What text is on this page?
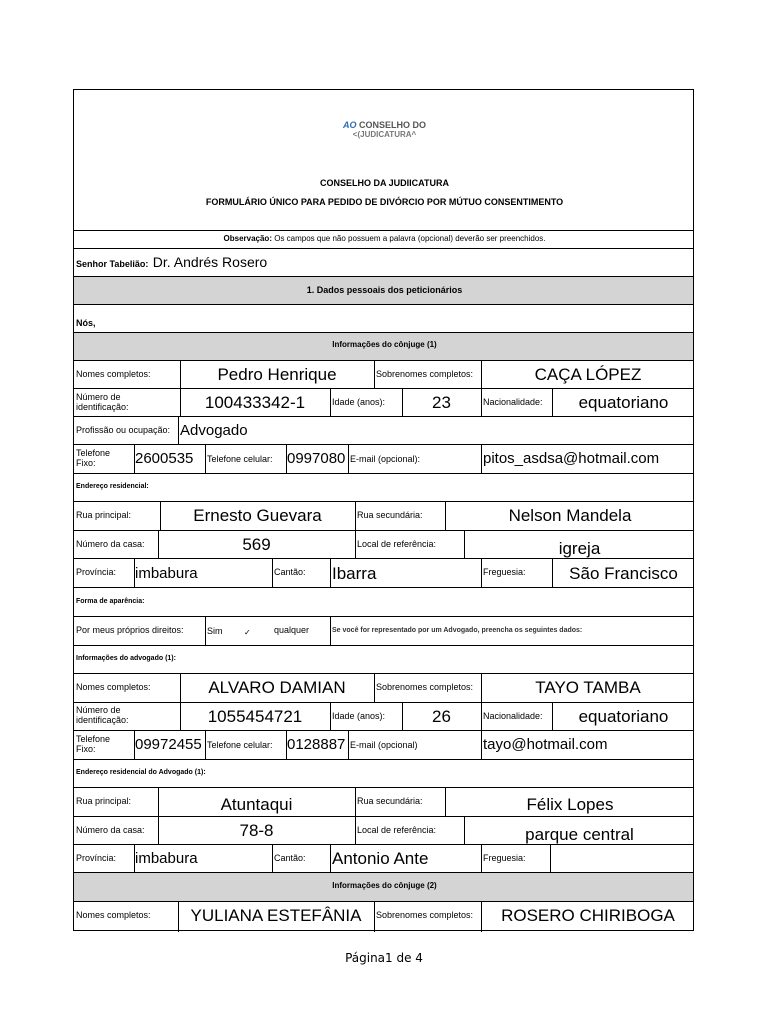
AO CONSELHO DO
<(JUDICATURA^
CONSELHO DA JUDIICATURA
FORMULÁRIO ÚNICO PARA PEDIDO DE DIVÓRCIO POR MÚTUO CONSENTIMENTO
Observação: Os campos que não possuem a palavra (opcional) deverão ser preenchidos.
Senhor Tabelião: Dr. Andrés Rosero
1. Dados pessoais dos peticionários
Nós,
Informações do cônjuge (1)
Nomes completos:	Pedro Henrique	Sobrenomes completos:	CAÇA LÓPEZ
Número de
identificação:	100433342-1	Idade (anos):	23	Nacionalidade:	equatoriano
Profissão ou ocupação: Advogado
Telefone
Fixo:	2600535 Telefone celular: 0997080 E-mail (opcional):	pitos_asdsa@hotmail.com
Endereço residencial:
Rua principal:	Ernesto Guevara	Rua secundária:	Nelson Mandela
Número da casa:	569	Local de referência:	igreja
Província: imbabura	Cantão: Ibarra	Freguesia:	São Francisco
Forma de aparência:
Por meus próprios direitos:	Sim	✓	qualquer	Se você for representado por um Advogado, preencha os seguintes dados:
Informações do advogado (1):
Nomes completos:	ALVARO DAMIAN	Sobrenomes completos:	TAYO TAMBA
Número de
identificação:	1055454721	Idade (anos):	26	Nacionalidade:	equatoriano
Telefone
Fixo:	09972455 Telefone celular: 0128887 E-mail (opcional)	tayo@hotmail.com
Endereço residencial do Advogado (1):
Rua principal:	Atuntaqui	Rua secundária:	Félix Lopes
Número da casa:	78-8	Local de referência:	parque central
Província: imbabura	Cantão: Antonio Ante	Freguesia:
Informações do cônjuge (2)
Nomes completos:	YULIANA ESTEFÂNIA	Sobrenomes completos:	ROSERO CHIRIBOGA
Página1 de 4
